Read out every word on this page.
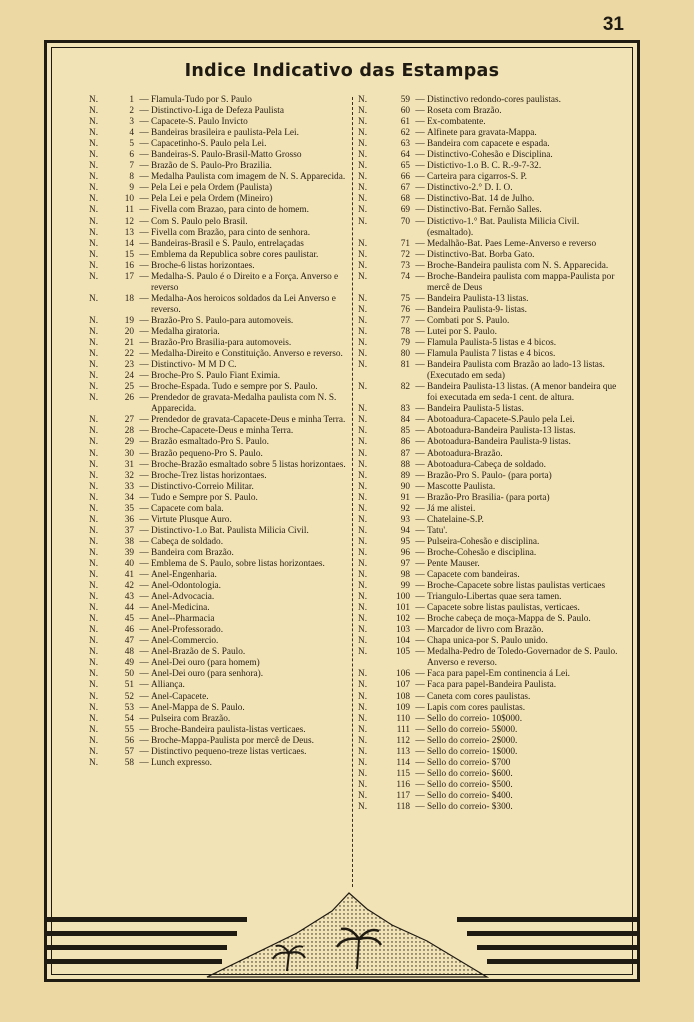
31
Indice Indicativo das Estampas
N.	1 — Flamula-Tudo por S. Paulo
N.	2 — Distinctivo-Liga de Defeza Paulista
N.	3 — Capacete-S. Paulo Invicto
N.	4 — Bandeiras brasileira e paulista-Pela Lei.
N.	5 — Capacetinho-S. Paulo pela Lei.
N.	6 — Bandeiras-S. Paulo-Brasil-Matto Grosso
N.	7 — Brazão de S. Paulo-Pro Brazilia.
N.	8 — Medalha Paulista com imagem de N. S. Apparecida.
N.	9 — Pela Lei e pela Ordem (Paulista)
N.	10 — Pela Lei e pela Ordem (Mineiro)
N.	11 — Fivella com Brazao, para cinto de homem.
N.	12 — Com S. Paulo pelo Brasil.
N.	13 — Fivella com Brazão, para cinto de senhora.
N.	14 — Bandeiras-Brasil e S. Paulo, entrelaçadas
N.	15 — Emblema da Republica sobre cores paulistar.
N.	16 — Broche-6 listas horizontaes.
N.	17 — Medalha-S. Paulo é o Direito e a Força. Anverso e reverso
N.	18 — Medalha-Aos heroicos soldados da Lei Anverso e reverso.
N.	19 — Brazão-Pro S. Paulo-para automoveis.
N.	20 — Medalha giratoria.
N.	21 — Brazão-Pro Brasilia-para automoveis.
N.	22 — Medalha-Direito e Constituição. Anverso e reverso.
N.	23 — Distinctivo- M M D C.
N.	24 — Broche-Pro S. Paulo Fiant Eximia.
N.	25 — Broche-Espada. Tudo e sempre por S. Paulo.
N.	26 — Prendedor de gravata-Medalha paulista com N. S. Apparecida.
N.	27 — Prendedor de gravata-Capacete-Deus e minha Terra.
N.	28 — Broche-Capacete-Deus e minha Terra.
N.	29 — Brazão esmaltado-Pro S. Paulo.
N.	30 — Brazão pequeno-Pro S. Paulo.
N.	31 — Broche-Brazão esmaltado sobre 5 listas horizontaes.
N.	32 — Broche-Trez listas horizontaes.
N.	33 — Distinctivo-Correio Militar.
N.	34 — Tudo e Sempre por S. Paulo.
N.	35 — Capacete com bala.
N.	36 — Virtute Plusque Auro.
N.	37 — Distinctivo-1.o Bat. Paulista Milicia Civil.
N.	38 — Cabeça de soldado.
N.	39 — Bandeira com Brazão.
N.	40 — Emblema de S. Paulo, sobre listas horizontaes.
N.	41 — Anel-Engenharia.
N.	42 — Anel-Odontologia.
N.	43 — Anel-Advocacia.
N.	44 — Anel-Medicina.
N.	45 — Anel--Pharmacia
N.	46 — Anel-Professorado.
N.	47 — Anel-Commercio.
N.	48 — Anel-Brazão de S. Paulo.
N.	49 — Anel-Dei ouro (para homem)
N.	50 — Anel-Dei ouro (para senhora).
N.	51 — Alliança.
N.	52 — Anel-Capacete.
N.	53 — Anel-Mappa de S. Paulo.
N.	54 — Pulseira com Brazão.
N.	55 — Broche-Bandeira paulista-listas verticaes.
N.	56 — Broche-Mappa-Paulista por mercê de Deus.
N.	57 — Distinctivo pequeno-treze listas verticaes.
N.	58 — Lunch expresso.
N.	59 — Distinctivo redondo-cores paulistas.
N.	60 — Roseta com Brazão.
N.	61 — Ex-combatente.
N.	62 — Alfinete para gravata-Mappa.
N.	63 — Bandeira com capacete e espada.
N.	64 — Distinctivo-Cohesão e Disciplina.
N.	65 — Distictivo-1.o B. C. R.-9-7-32.
N.	66 — Carteira para cigarros-S. P.
N.	67 — Distinctivo-2.° D. I. O.
N.	68 — Distinctivo-Bat. 14 de Julho.
N.	69 — Distinctivo-Bat. Fernão Salles.
N.	70 — Distictivo-1.° Bat. Paulista Milicia Civil. (esmaltado).
N.	71 — Medalhão-Bat. Paes Leme-Anverso e reverso
N.	72 — Distinctivo-Bat. Borba Gato.
N.	73 — Broche-Bandeira paulista com N. S. Apparecida.
N.	74 — Broche-Bandeira paulista com mappa-Paulista por mercê de Deus
N.	75 — Bandeira Paulista-13 listas.
N.	76 — Bandeira Paulista-9- listas.
N.	77 — Combati por S. Paulo.
N.	78 — Lutei por S. Paulo.
N.	79 — Flamula Paulista-5 listas e 4 bicos.
N.	80 — Flamula Paulista 7 listas e 4 bicos.
N.	81 — Bandeira Paulista com Brazão ao lado-13 listas. (Executado em seda)
N.	82 — Bandeira Paulista-13 listas. (A menor bandeira que foi executada em seda-1 cent. de altura.
N.	83 — Bandeira Paulista-5 listas.
N.	84 — Abotoadura-Capacete-S.Paulo pela Lei.
N.	85 — Abotoadura-Bandeira Paulista-13 listas.
N.	86 — Abotoadura-Bandeira Paulista-9 listas.
N.	87 — Abotoadura-Brazão.
N.	88 — Abotoadura-Cabeça de soldado.
N.	89 — Brazão-Pro S. Paulo- (para porta)
N.	90 — Mascotte Paulista.
N.	91 — Brazão-Pro Brasilia- (para porta)
N.	92 — Já me alistei.
N.	93 — Chatelaine-S.P.
N.	94 — Tatu'.
N.	95 — Pulseira-Cohesão e disciplina.
N.	96 — Broche-Cohesão e disciplina.
N.	97 — Pente Mauser.
N.	98 — Capacete com bandeiras.
N.	99 — Broche-Capacete sobre listas paulistas verticaes
N.	100 — Triangulo-Libertas quae sera tamen.
N.	101 — Capacete sobre listas paulistas, verticaes.
N.	102 — Broche cabeça de moça-Mappa de S. Paulo.
N.	103 — Marcador de livro com Brazão.
N.	104 — Chapa unica-por S. Paulo unido.
N.	105 — Medalha-Pedro de Toledo-Governador de S. Paulo. Anverso e reverso.
N.	106 — Faca para papel-Em continencia á Lei.
N.	107 — Faca para papel-Bandeira Paulista.
N.	108 — Caneta com cores paulistas.
N.	109 — Lapis com cores paulistas.
N.	110 — Sello do correio- 10$000.
N.	111 — Sello do correio- 5$000.
N.	112 — Sello do correio- 2$000.
N.	113 — Sello do correio- 1$000.
N.	114 — Sello do correio- $700
N.	115 — Sello do correio- $600.
N.	116 — Sello do correio- $500.
N.	117 — Sello do correio- $400.
N.	118 — Sello do correio- $300.
